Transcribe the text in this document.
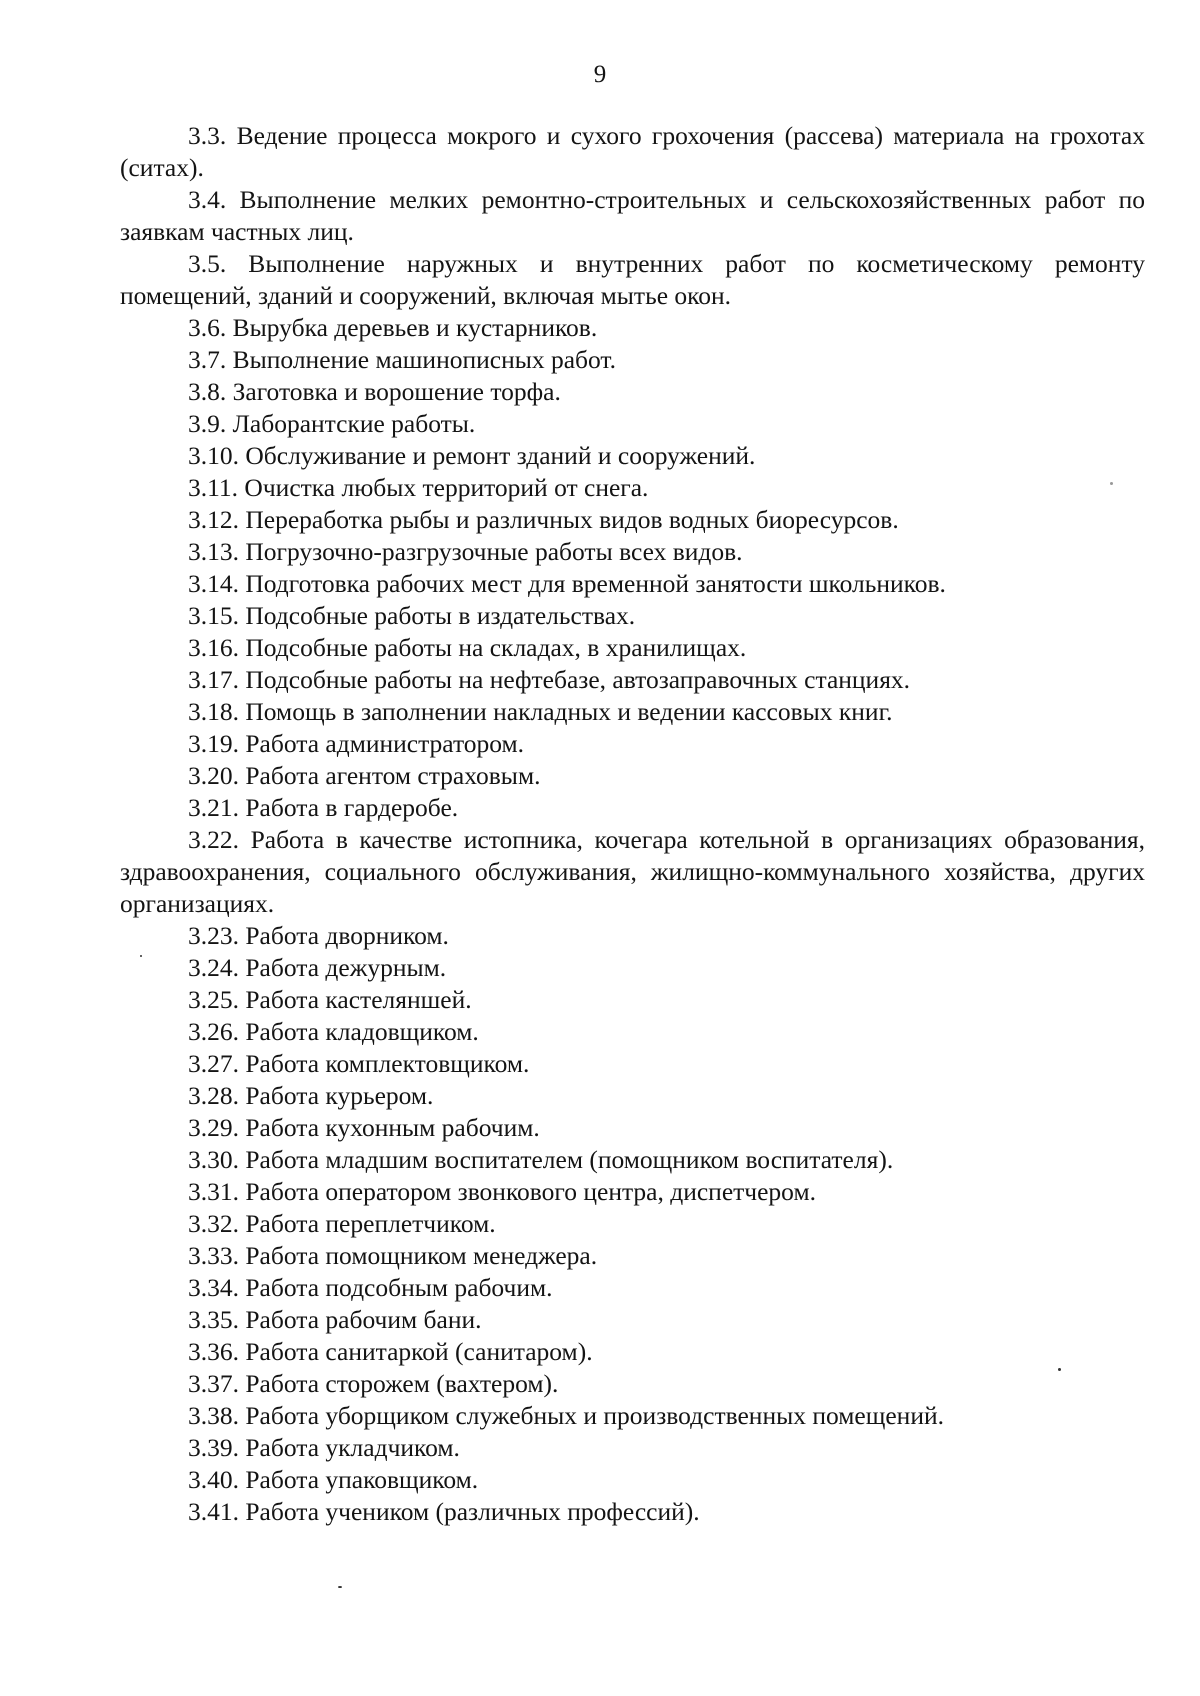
9

3.3. Ведение процесса мокрого и сухого грохочения (рассева) материала на грохотах (ситах).

3.4. Выполнение мелких ремонтно-строительных и сельскохозяйственных работ по заявкам частных лиц.

3.5. Выполнение наружных и внутренних работ по косметическому ремонту помещений, зданий и сооружений, включая мытье окон.

3.6. Вырубка деревьев и кустарников.

3.7. Выполнение машинописных работ.

3.8. Заготовка и ворошение торфа.

3.9. Лаборантские работы.

3.10. Обслуживание и ремонт зданий и сооружений.

3.11. Очистка любых территорий от снега.

3.12. Переработка рыбы и различных видов водных биоресурсов.

3.13. Погрузочно-разгрузочные работы всех видов.

3.14. Подготовка рабочих мест для временной занятости школьников.

3.15. Подсобные работы в издательствах.

3.16. Подсобные работы на складах, в хранилищах.

3.17. Подсобные работы на нефтебазе, автозаправочных станциях.

3.18. Помощь в заполнении накладных и ведении кассовых книг.

3.19. Работа администратором.

3.20. Работа агентом страховым.

3.21. Работа в гардеробе.

3.22. Работа в качестве истопника, кочегара котельной в организациях образования, здравоохранения, социального обслуживания, жилищно-коммунального хозяйства, других организациях.

3.23. Работа дворником.

3.24. Работа дежурным.

3.25. Работа кастеляншей.

3.26. Работа кладовщиком.

3.27. Работа комплектовщиком.

3.28. Работа курьером.

3.29. Работа кухонным рабочим.

3.30. Работа младшим воспитателем (помощником воспитателя).

3.31. Работа оператором звонкового центра, диспетчером.

3.32. Работа переплетчиком.

3.33. Работа помощником менеджера.

3.34. Работа подсобным рабочим.

3.35. Работа рабочим бани.

3.36. Работа санитаркой (санитаром).

3.37. Работа сторожем (вахтером).

3.38. Работа уборщиком служебных и производственных помещений.

3.39. Работа укладчиком.

3.40. Работа упаковщиком.

3.41. Работа учеником (различных профессий).
